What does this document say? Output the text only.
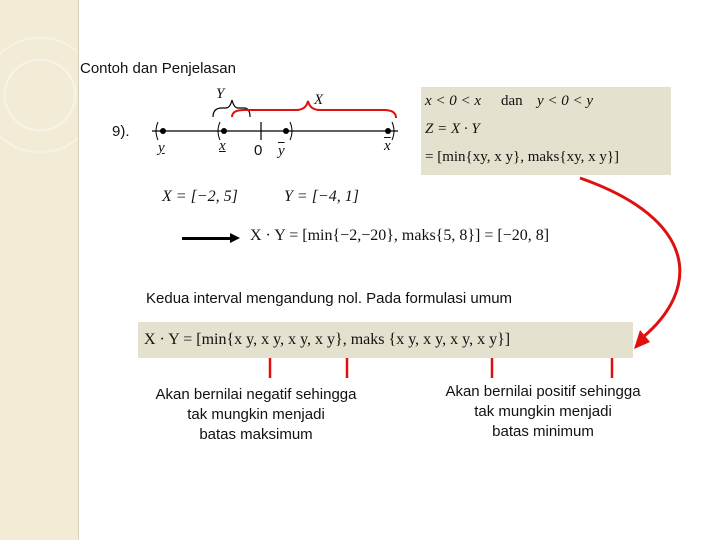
Contoh dan Penjelasan
9).
Y	X
y	x 0 $\overline{y}$	$\overline{x}$
x < 0 < x dan y < 0 < y
Z = X · Y
= [min{xy, x y}, maks{xy, x y}]
X = [−2, 5]	Y = [−4, 1]
X · Y = [min{−2,−20}, maks{5, 8}] = [−20, 8]
Kedua interval mengandung nol. Pada formulasi umum
X · Y = [min{x y, x y, x y, x y}, maks {x y, x y, x y, x y}]
Akan bernilai negatif sehingga
tak mungkin menjadi
batas maksimum
Akan bernilai positif sehingga
tak mungkin menjadi
batas minimum
